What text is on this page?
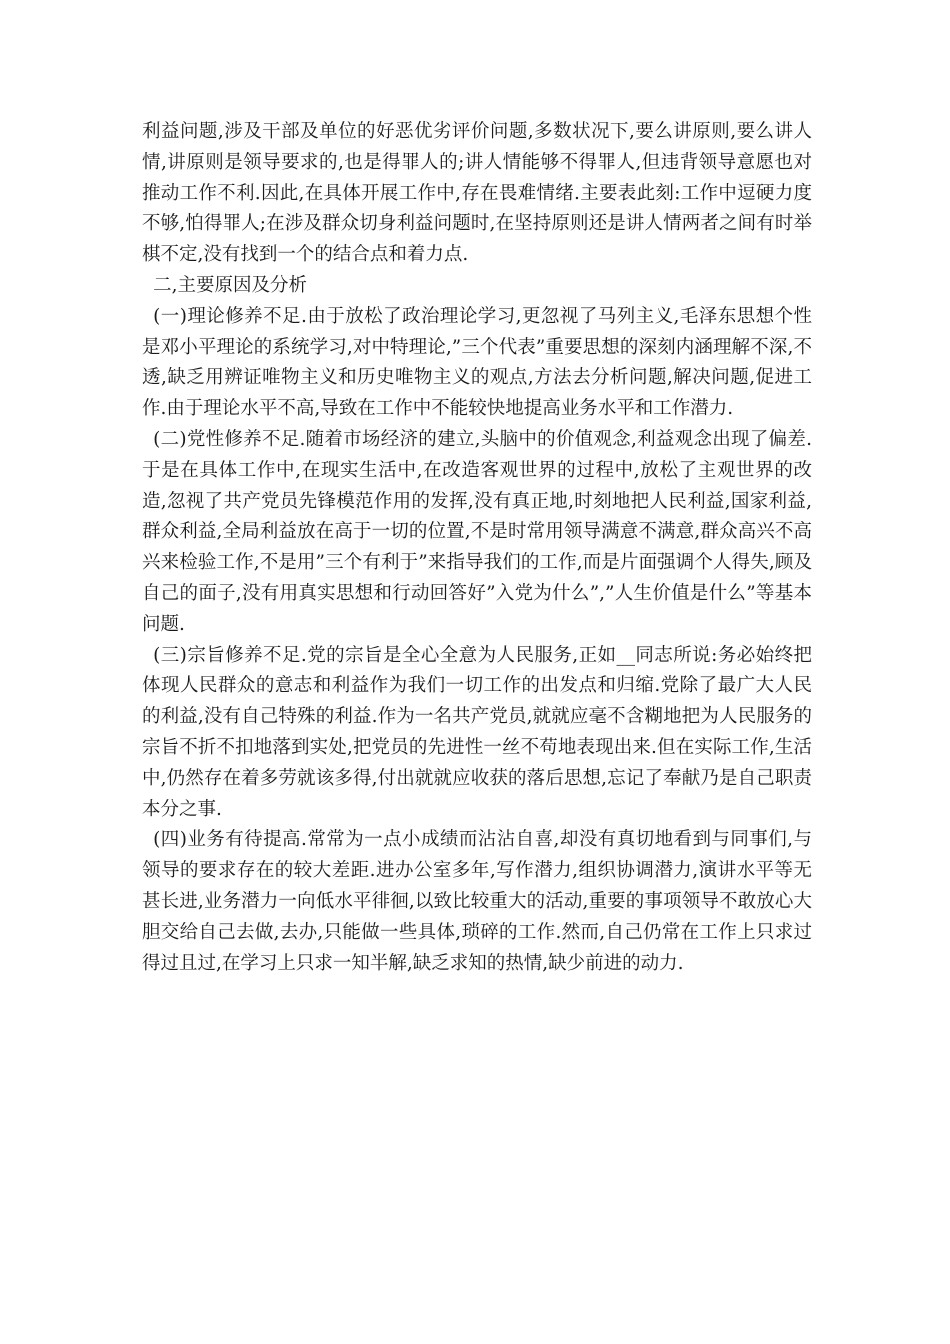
利益问题,涉及干部及单位的好恶优劣评价问题,多数状况下,要么讲原则,要么讲人情,讲原则是领导要求的,也是得罪人的;讲人情能够不得罪人,但违背领导意愿也对推动工作不利.因此,在具体开展工作中,存在畏难情绪.主要表此刻:工作中逗硬力度不够,怕得罪人;在涉及群众切身利益问题时,在坚持原则还是讲人情两者之间有时举棋不定,没有找到一个的结合点和着力点.

二,主要原因及分析

(一)理论修养不足.由于放松了政治理论学习,更忽视了马列主义,毛泽东思想个性是邓小平理论的系统学习,对中特理论,”三个代表”重要思想的深刻内涵理解不深,不透,缺乏用辨证唯物主义和历史唯物主义的观点,方法去分析问题,解决问题,促进工作.由于理论水平不高,导致在工作中不能较快地提高业务水平和工作潜力.

(二)党性修养不足.随着市场经济的建立,头脑中的价值观念,利益观念出现了偏差.于是在具体工作中,在现实生活中,在改造客观世界的过程中,放松了主观世界的改造,忽视了共产党员先锋模范作用的发挥,没有真正地,时刻地把人民利益,国家利益,群众利益,全局利益放在高于一切的位置,不是时常用领导满意不满意,群众高兴不高兴来检验工作,不是用”三个有利于”来指导我们的工作,而是片面强调个人得失,顾及自己的面子,没有用真实思想和行动回答好”入党为什么”,”人生价值是什么”等基本问题.

(三)宗旨修养不足.党的宗旨是全心全意为人民服务,正如__同志所说:务必始终把体现人民群众的意志和利益作为我们一切工作的出发点和归缩.党除了最广大人民的利益,没有自己特殊的利益.作为一名共产党员,就就应毫不含糊地把为人民服务的宗旨不折不扣地落到实处,把党员的先进性一丝不苟地表现出来.但在实际工作,生活中,仍然存在着多劳就该多得,付出就就应收获的落后思想,忘记了奉献乃是自己职责本分之事.

(四)业务有待提高.常常为一点小成绩而沾沾自喜,却没有真切地看到与同事们,与领导的要求存在的较大差距.进办公室多年,写作潜力,组织协调潜力,演讲水平等无甚长进,业务潜力一向低水平徘徊,以致比较重大的活动,重要的事项领导不敢放心大胆交给自己去做,去办,只能做一些具体,琐碎的工作.然而,自己仍常在工作上只求过得过且过,在学习上只求一知半解,缺乏求知的热情,缺少前进的动力.
